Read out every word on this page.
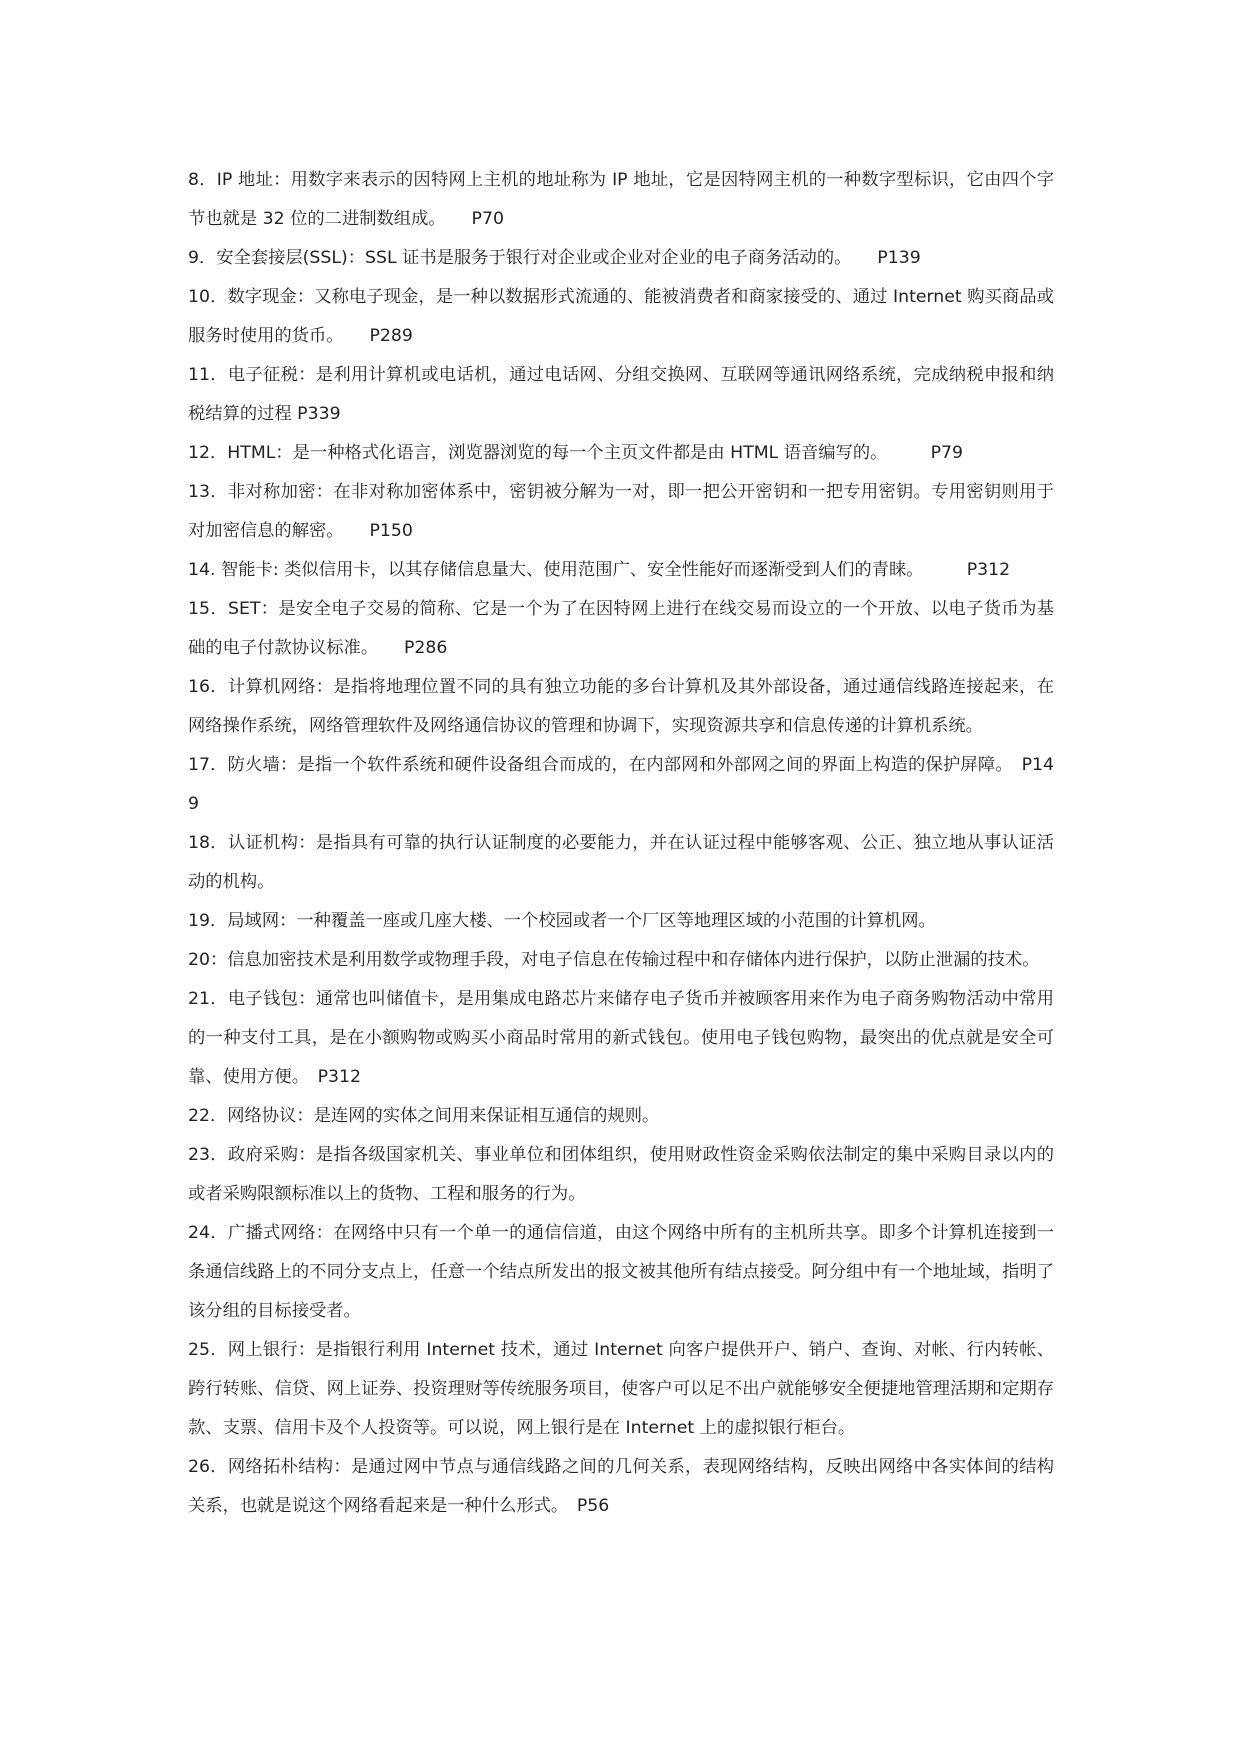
8．IP 地址：用数字来表示的因特网上主机的地址称为 IP 地址，它是因特网主机的一种数字型标识，它由四个字节也就是 32 位的二进制数组成。　　P70

9．安全套接层(SSL)：SSL 证书是服务于银行对企业或企业对企业的电子商务活动的。　　P139

10．数字现金：又称电子现金，是一种以数据形式流通的、能被消费者和商家接受的、通过 Internet 购买商品或服务时使用的货币。　　P289

11．电子征税：是利用计算机或电话机，通过电话网、分组交换网、互联网等通讯网络系统，完成纳税申报和纳税结算的过程 P339

12．HTML：是一种格式化语言，浏览器浏览的每一个主页文件都是由 HTML 语音编写的。　　　P79

13．非对称加密：在非对称加密体系中，密钥被分解为一对，即一把公开密钥和一把专用密钥。专用密钥则用于对加密信息的解密。　　P150

14. 智能卡: 类似信用卡，以其存储信息量大、使用范围广、安全性能好而逐渐受到人们的青睐。　　　P312

15．SET：是安全电子交易的简称、它是一个为了在因特网上进行在线交易而设立的一个开放、以电子货币为基础的电子付款协议标准。　　P286

16．计算机网络：是指将地理位置不同的具有独立功能的多台计算机及其外部设备，通过通信线路连接起来，在网络操作系统，网络管理软件及网络通信协议的管理和协调下，实现资源共享和信息传递的计算机系统。

17．防火墙：是指一个软件系统和硬件设备组合而成的，在内部网和外部网之间的界面上构造的保护屏障。　P149

18．认证机构：是指具有可靠的执行认证制度的必要能力，并在认证过程中能够客观、公正、独立地从事认证活动的机构。

19．局域网：一种覆盖一座或几座大楼、一个校园或者一个厂区等地理区域的小范围的计算机网。

20：信息加密技术是利用数学或物理手段，对电子信息在传输过程中和存储体内进行保护，以防止泄漏的技术。

21．电子钱包：通常也叫储值卡，是用集成电路芯片来储存电子货币并被顾客用来作为电子商务购物活动中常用的一种支付工具，是在小额购物或购买小商品时常用的新式钱包。使用电子钱包购物，最突出的优点就是安全可靠、使用方便。　P312

22．网络协议：是连网的实体之间用来保证相互通信的规则。

23．政府采购：是指各级国家机关、事业单位和团体组织，使用财政性资金采购依法制定的集中采购目录以内的或者采购限额标准以上的货物、工程和服务的行为。

24．广播式网络：在网络中只有一个单一的通信信道，由这个网络中所有的主机所共享。即多个计算机连接到一条通信线路上的不同分支点上，任意一个结点所发出的报文被其他所有结点接受。阿分组中有一个地址域，指明了该分组的目标接受者。

25．网上银行：是指银行利用 Internet 技术，通过 Internet 向客户提供开户、销户、查询、对帐、行内转帐、跨行转账、信贷、网上证券、投资理财等传统服务项目，使客户可以足不出户就能够安全便捷地管理活期和定期存款、支票、信用卡及个人投资等。可以说，网上银行是在 Internet 上的虚拟银行柜台。

26．网络拓朴结构：是通过网中节点与通信线路之间的几何关系，表现网络结构，反映出网络中各实体间的结构关系，也就是说这个网络看起来是一种什么形式。　P56
